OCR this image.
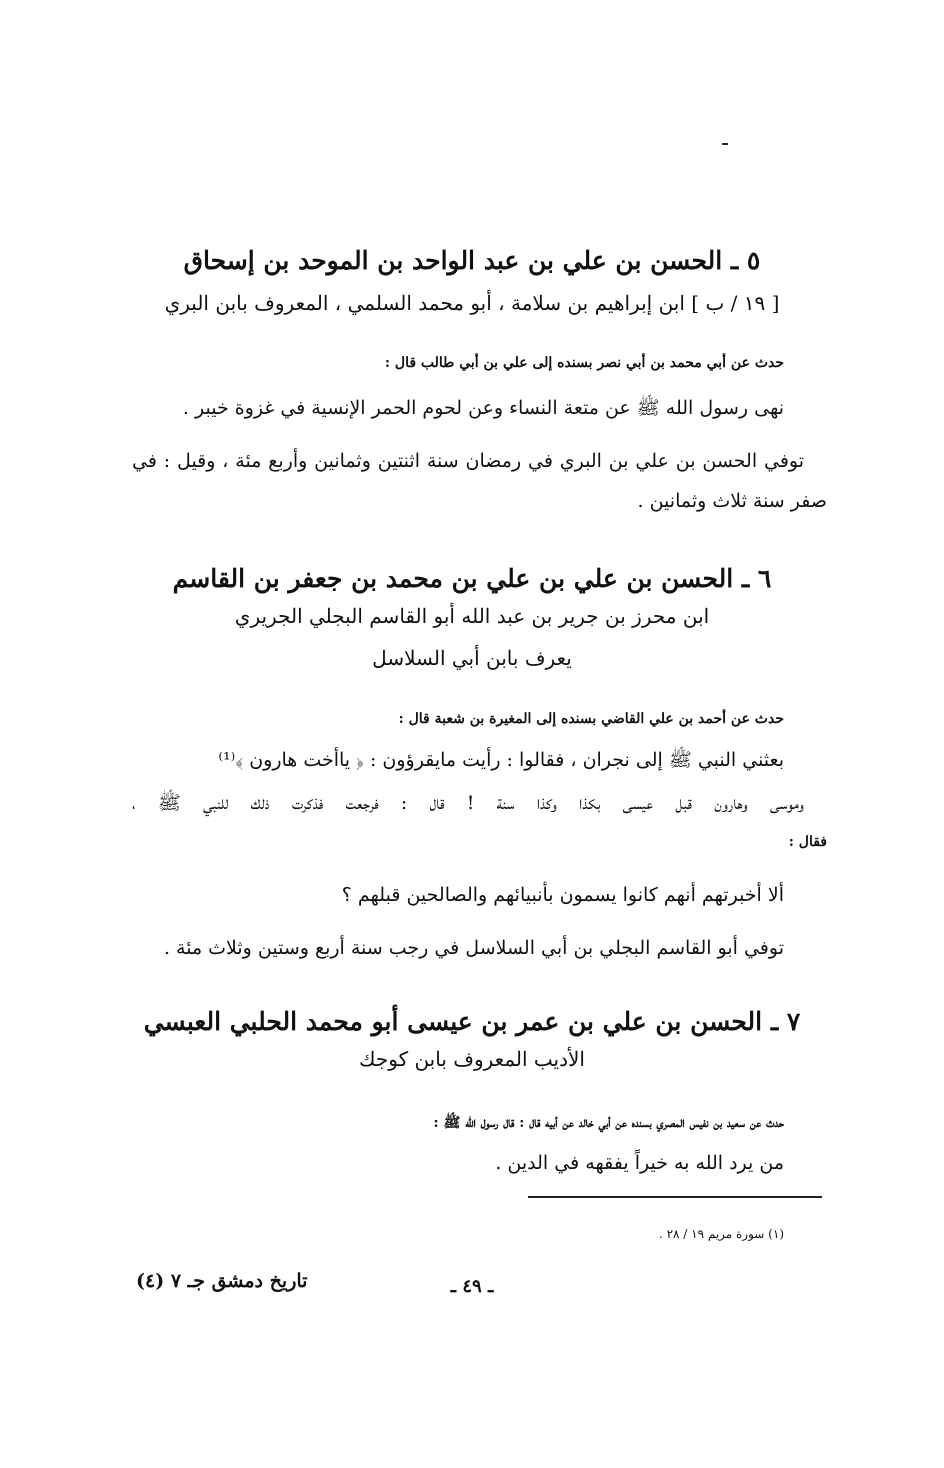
٥ ـ الحسن بن علي بن عبد الواحد بن الموحد بن إسحاق
[ ١٩ / ب ] ابن إبراهيم بن سلامة ، أبو محمد السلمي ، المعروف بابن البري
حدث عن أبي محمد بن أبي نصر بسنده إلى علي بن أبي طالب قال :
نهى رسول الله ﷺ عن متعة النساء وعن لحوم الحمر الإنسية في غزوة خيبر .
توفي الحسن بن علي بن البري في رمضان سنة اثنتين وثمانين وأربع مئة ، وقيل : في
صفر سنة ثلاث وثمانين .
٦ ـ الحسن بن علي بن علي بن محمد بن جعفر بن القاسم
ابن محرز بن جرير بن عبد الله أبو القاسم البجلي الجريري
يعرف بابن أبي السلاسل
حدث عن أحمد بن علي القاضي بسنده إلى المغيرة بن شعبة قال :
بعثني النبي ﷺ إلى نجران ، فقالوا : رأيت مايقرؤون : ﴿ ياأخت هارون ﴾⁽¹⁾
وموسى وهارون قبل عيسى بكذا وكذا سنة ! قال : فرجعت فذكرت ذلك للنبي ﷺ ،
فقال :
ألا أخبرتهم أنهم كانوا يسمون بأنبيائهم والصالحين قبلهم ؟
توفي أبو القاسم البجلي بن أبي السلاسل في رجب سنة أربع وستين وثلاث مئة .
٧ ـ الحسن بن علي بن عمر بن عيسى أبو محمد الحلبي العبسي
الأديب المعروف بابن كوجك
حدث عن سعيد بن نفيس المصري بسنده عن أبي خالد عن أبيه قال : قال رسول الله ﷺ :
من يرد الله به خيراً يفقهه في الدين .
(١) سورة مريم ١٩ / ٢٨ .
ـ ٤٩ ـ
تاريخ دمشق جـ ٧ (٤)
